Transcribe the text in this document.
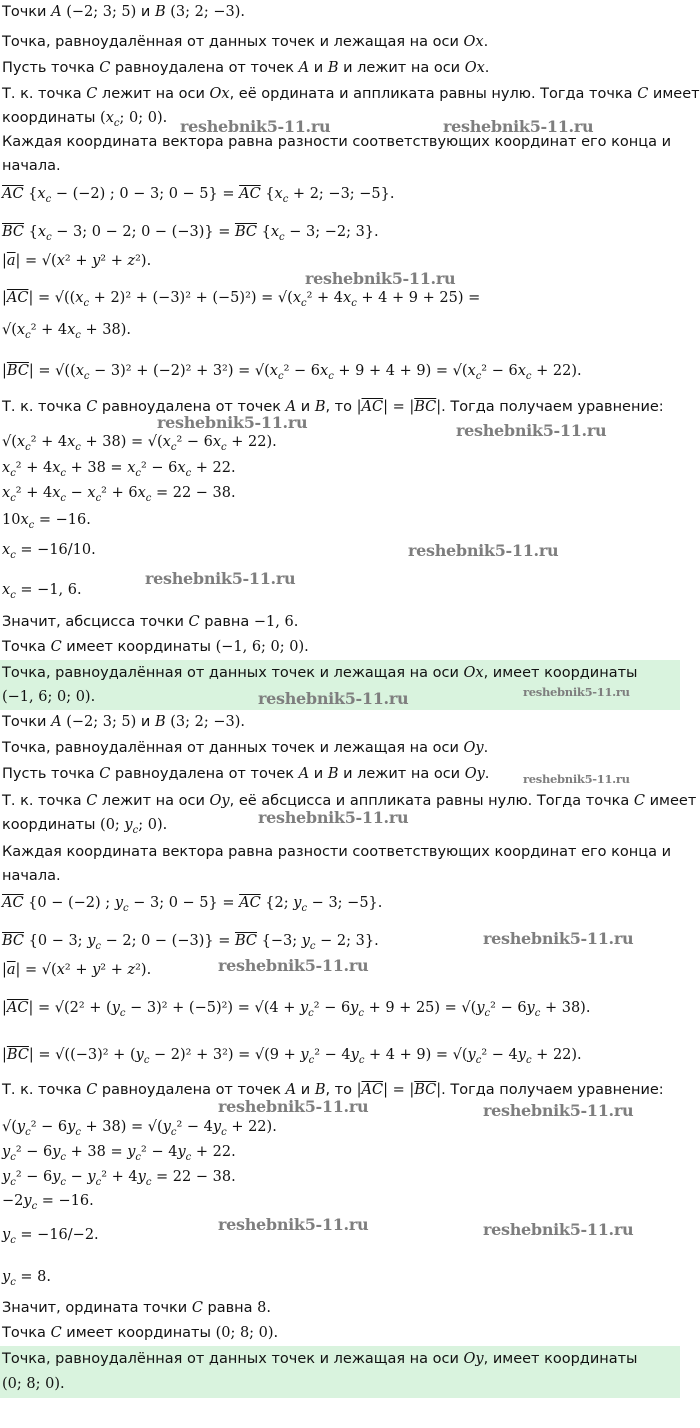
Точки A (−2; 3; 5) и B (3; 2; −3).
Точка, равноудалённая от данных точек и лежащая на оси Ox.
Пусть точка C равноудалена от точек A и B и лежит на оси Ox.
Т. к. точка C лежит на оси Ox, её ордината и аппликата равны нулю. Тогда точка C имеет
координаты ($x_c$; 0; 0).
Каждая координата вектора равна разности соответствующих координат его конца и
начала.
$\overline{AC}$ {$x_c - (-2)$ ; 0 − 3; $0 - 5\} = \overline{AC}$ {$x_c + 2$; −3; −5}.
$\overline{BC}$ {$x_c - 3$; 0 − 2; $0 - (-3)\} = \overline{BC}$ {$x_c - 3$; −2; 3}.
$|\overline{a}| = √(x^2 + y^2 + z^2)$.
$|\overline{AC}| = √((x_c + 2)^2 + (-3)^2 + (-5)^2) = √(x_c^2 + 4x_c + 4 + 9 + 25)$ =
$√(x_c^2 + 4x_c + 38)$.
$|\overline{BC}| = √((x_c - 3)^2 + (-2)^2 + 3^2) = √(x_c^2 - 6x_c + 9 + 4 + 9) = √(x_c^2 - 6x_c + 22)$.
Т. к. точка C равноудалена от точек A и B, то $|\overline{AC}| = |\overline{BC}|$. Тогда получаем уравнение:
$√(x_c^2 + 4x_c + 38) = √(x_c^2 - 6x_c + 22)$.
$x_c^2 + 4x_c + 38 = x_c^2 - 6x_c + 22$.
$x_c^2 + 4x_c - x_c^2 + 6x_c = 22 - 38$.
$10x_c = -16$.
$x_c = -16/10$.
$x_c = -1$, 6.
Значит, абсцисса точки C равна −1, 6.
Точка C имеет координаты (−1, 6; 0; 0).
Точка, равноудалённая от данных точек и лежащая на оси Ox, имеет координаты
(−1, 6; 0; 0).
Точки A (−2; 3; 5) и B (3; 2; −3).
Точка, равноудалённая от данных точек и лежащая на оси Oy.
Пусть точка C равноудалена от точек A и B и лежит на оси Oy.
Т. к. точка C лежит на оси Oy, её абсцисса и аппликата равны нулю. Тогда точка C имеет
координаты (0; $y_c$; 0).
Каждая координата вектора равна разности соответствующих координат его конца и
начала.
$\overline{AC}$ {0 − (−2) ; $y_c - 3$; $0 - 5\} = \overline{AC}$ {2; $y_c - 3$; −5}.
$\overline{BC}$ {0 − 3; $y_c - 2$; $0 - (-3)\} = \overline{BC}$ {−3; $y_c - 2$; 3}.
$|\overline{a}| = √(x^2 + y^2 + z^2)$.
$|\overline{AC}| = √(2^2 + (y_c - 3)^2 + (-5)^2) = √(4 + y_c^2 - 6y_c + 9 + 25) = √(y_c^2 - 6y_c + 38)$.
$|\overline{BC}| = √((-3)^2 + (y_c - 2)^2 + 3^2) = √(9 + y_c^2 - 4y_c + 4 + 9) = √(y_c^2 - 4y_c + 22)$.
Т. к. точка C равноудалена от точек A и B, то $|\overline{AC}| = |\overline{BC}|$. Тогда получаем уравнение:
$√(y_c^2 - 6y_c + 38) = √(y_c^2 - 4y_c + 22)$.
$y_c^2 - 6y_c + 38 = y_c^2 - 4y_c + 22$.
$y_c^2 - 6y_c - y_c^2 + 4y_c = 22 - 38$.
$-2y_c = -16$.
$y_c = -16/-2$.
$y_c = 8$.
Значит, ордината точки C равна 8.
Точка C имеет координаты (0; 8; 0).
Точка, равноудалённая от данных точек и лежащая на оси Oy, имеет координаты
(0; 8; 0).
reshebnik5-11.ru	reshebnik5-11.ru
reshebnik5-11.ru
reshebnik5-11.ru	reshebnik5-11.ru
reshebnik5-11.ru
reshebnik5-11.ru
reshebnik5-11.ru	reshebnik5-11.ru
reshebnik5-11.ru
reshebnik5-11.ru
reshebnik5-11.ru
reshebnik5-11.ru
reshebnik5-11.ru	reshebnik5-11.ru
reshebnik5-11.ru	reshebnik5-11.ru
